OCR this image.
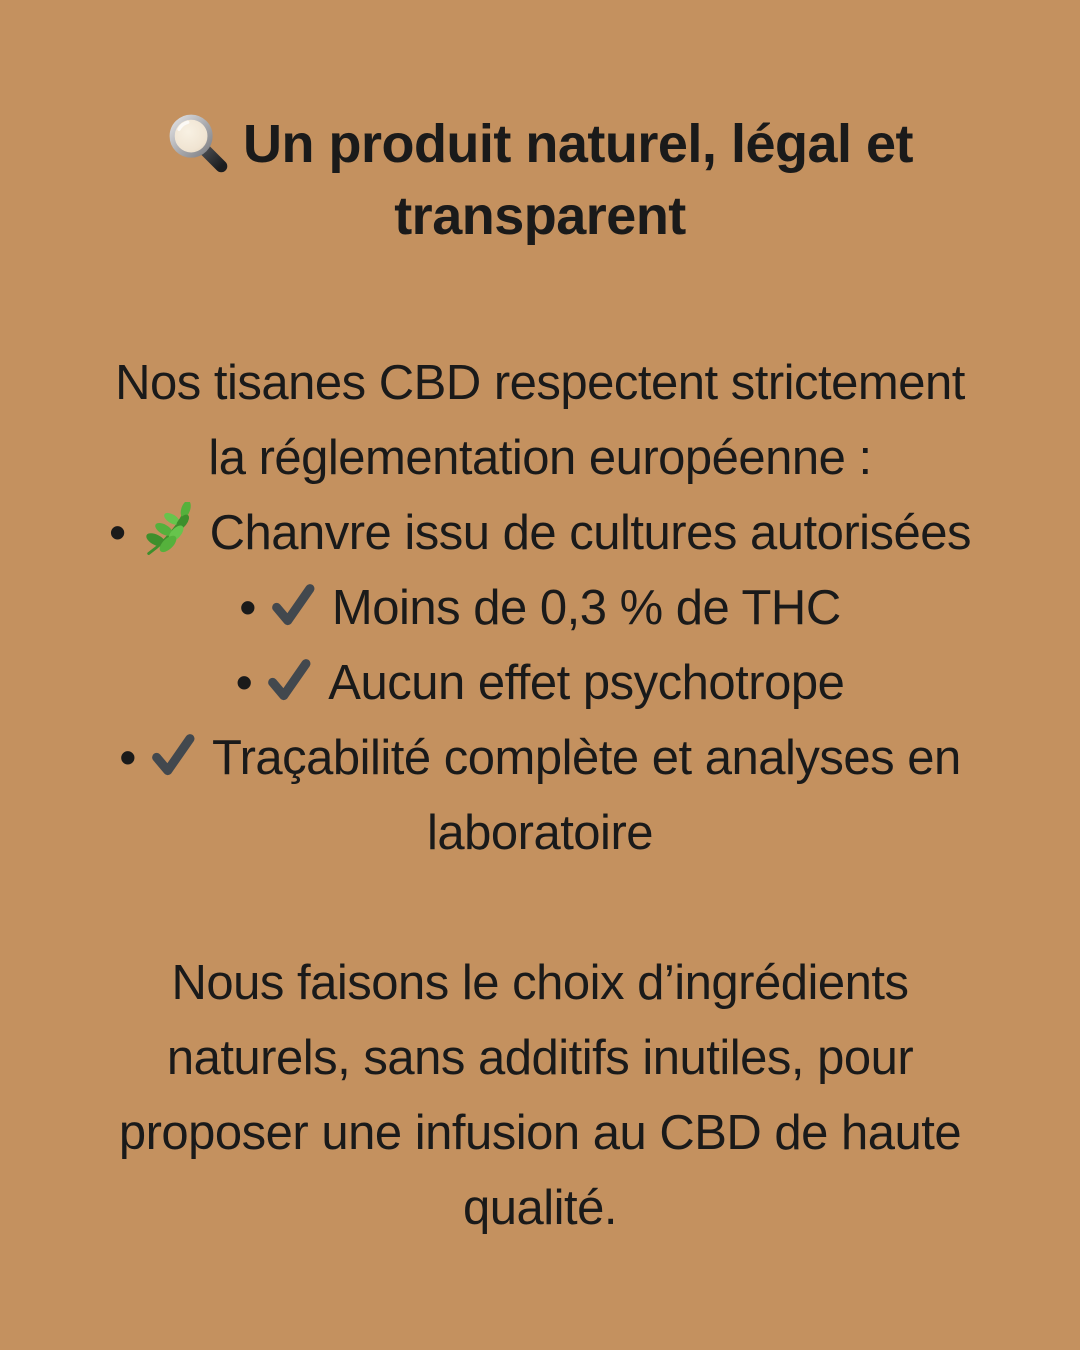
Un produit naturel, légal et
transparent
Nos tisanes CBD respectent strictement
la réglementation européenne :
• Chanvre issu de cultures autorisées
• Moins de 0,3 % de THC
• Aucun effet psychotrope
• Traçabilité complète et analyses en
laboratoire
Nous faisons le choix d’ingrédients
naturels, sans additifs inutiles, pour
proposer une infusion au CBD de haute
qualité.
